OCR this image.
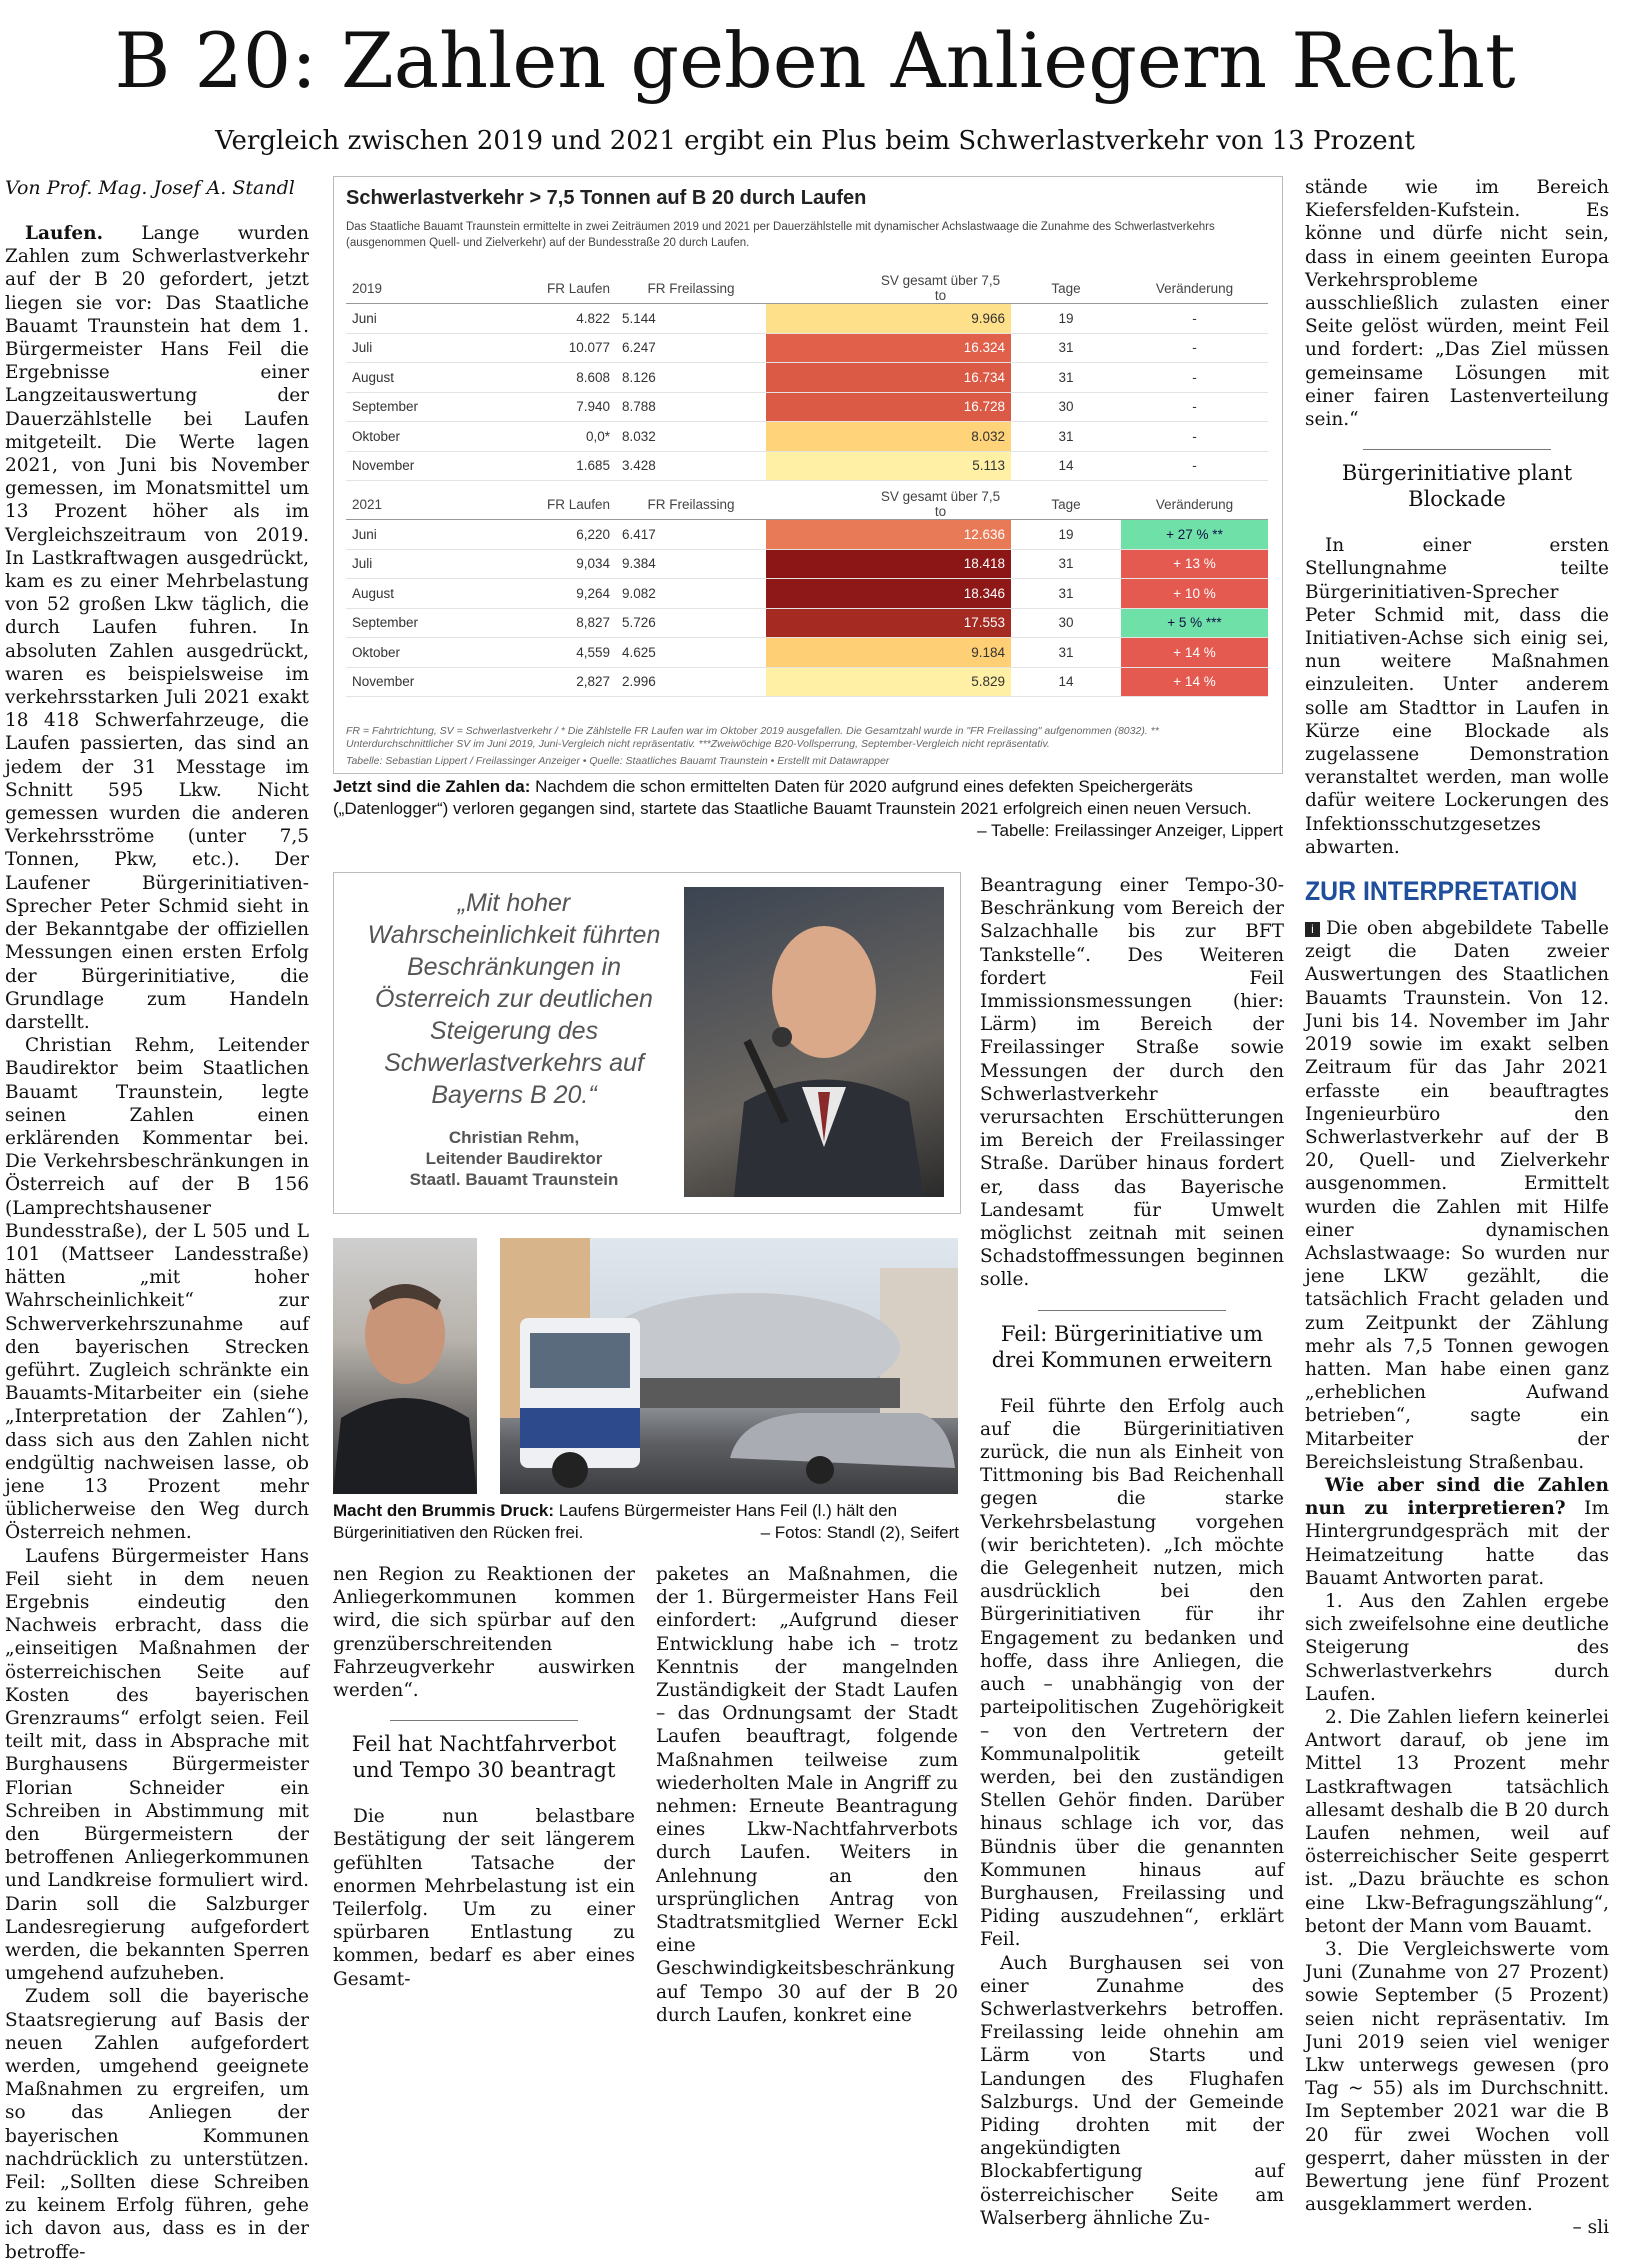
B 20: Zahlen geben Anliegern Recht

Vergleich zwischen 2019 und 2021 ergibt ein Plus beim Schwerlastverkehr von 13 Prozent

Von Prof. Mag. Josef A. Standl

Laufen. Lange wurden Zahlen zum Schwerlastverkehr auf der B 20 gefordert, jetzt liegen sie vor: Das Staatliche Bauamt Traunstein hat dem 1. Bürgermeister Hans Feil die Ergebnisse einer Langzeitauswertung der Dauerzählstelle bei Laufen mitgeteilt. Die Werte lagen 2021, von Juni bis November gemessen, im Monatsmittel um 13 Prozent höher als im Vergleichszeitraum von 2019. In Lastkraftwagen ausgedrückt, kam es zu einer Mehrbelastung von 52 großen Lkw täglich, die durch Laufen fuhren. In absoluten Zahlen ausgedrückt, waren es beispielsweise im verkehrsstarken Juli 2021 exakt 18 418 Schwerfahrzeuge, die Laufen passierten, das sind an jedem der 31 Messtage im Schnitt 595 Lkw. Nicht gemessen wurden die anderen Verkehrsströme (unter 7,5 Tonnen, Pkw, etc.). Der Laufener Bürgerinitiativen-Sprecher Peter Schmid sieht in der Bekanntgabe der offiziellen Messungen einen ersten Erfolg der Bürgerinitiative, die Grundlage zum Handeln darstellt.

Christian Rehm, Leitender Baudirektor beim Staatlichen Bauamt Traunstein, legte seinen Zahlen einen erklärenden Kommentar bei. Die Verkehrsbeschränkungen in Österreich auf der B 156 (Lamprechtshausener Bundesstraße), der L 505 und L 101 (Mattseer Landesstraße) hätten „mit hoher Wahrscheinlichkeit“ zur Schwerverkehrszunahme auf den bayerischen Strecken geführt. Zugleich schränkte ein Bauamts-Mitarbeiter ein (siehe „Interpretation der Zahlen“), dass sich aus den Zahlen nicht endgültig nachweisen lasse, ob jene 13 Prozent mehr üblicherweise den Weg durch Österreich nehmen.

Laufens Bürgermeister Hans Feil sieht in dem neuen Ergebnis eindeutig den Nachweis erbracht, dass die „einseitigen Maßnahmen der österreichischen Seite auf Kosten des bayerischen Grenzraums“ erfolgt seien. Feil teilt mit, dass in Absprache mit Burghausens Bürgermeister Florian Schneider ein Schreiben in Abstimmung mit den Bürgermeistern der betroffenen Anliegerkommunen und Landkreise formuliert wird. Darin soll die Salzburger Landesregierung aufgefordert werden, die bekannten Sperren umgehend aufzuheben.

Zudem soll die bayerische Staatsregierung auf Basis der neuen Zahlen aufgefordert werden, umgehend geeignete Maßnahmen zu ergreifen, um so das Anliegen der bayerischen Kommunen nachdrücklich zu unterstützen. Feil: „Sollten diese Schreiben zu keinem Erfolg führen, gehe ich davon aus, dass es in der betroffe-

Schwerlastverkehr > 7,5 Tonnen auf B 20 durch Laufen
Das Staatliche Bauamt Traunstein ermittelte in zwei Zeiträumen 2019 und 2021 per Dauerzählstelle mit dynamischer Achslastwaage die Zunahme des Schwerlastverkehrs (ausgenommen Quell- und Zielverkehr) auf der Bundesstraße 20 durch Laufen.
2019	FR Laufen	FR Freilassing	SV gesamt über 7,5 to	Tage	Veränderung
Juni	4.822	5.144	9.966	19	-
Juli	10.077	6.247	16.324	31	-
August	8.608	8.126	16.734	31	-
September	7.940	8.788	16.728	30	-
Oktober	0,0*	8.032	8.032	31	-
November	1.685	3.428	5.113	14	-
2021	FR Laufen	FR Freilassing	SV gesamt über 7,5 to	Tage	Veränderung
Juni	6,220	6.417	12.636	19	+ 27 % **
Juli	9,034	9.384	18.418	31	+ 13 %
August	9,264	9.082	18.346	31	+ 10 %
September	8,827	5.726	17.553	30	+ 5 % ***
Oktober	4,559	4.625	9.184	31	+ 14 %
November	2,827	2.996	5.829	14	+ 14 %
FR = Fahrtrichtung, SV = Schwerlastverkehr / * Die Zählstelle FR Laufen war im Oktober 2019 ausgefallen. Die Gesamtzahl wurde in "FR Freilassing" aufgenommen (8032). ** Unterdurchschnittlicher SV im Juni 2019, Juni-Vergleich nicht repräsentativ. ***Zweiwöchige B20-Vollsperrung, September-Vergleich nicht repräsentativ.
Tabelle: Sebastian Lippert / Freilassinger Anzeiger • Quelle: Staatliches Bauamt Traunstein • Erstellt mit Datawrapper
Jetzt sind die Zahlen da: Nachdem die schon ermittelten Daten für 2020 aufgrund eines defekten Speichergeräts („Datenlogger“) verloren gegangen sind, startete das Staatliche Bauamt Traunstein 2021 erfolgreich einen neuen Versuch.
– Tabelle: Freilassinger Anzeiger, Lippert
„Mit hoher Wahrscheinlichkeit führten Beschränkungen in Österreich zur deutlichen Steigerung des Schwerlastverkehrs auf Bayerns B 20.“
Christian Rehm,
Leitender Baudirektor
Staatl. Bauamt Traunstein
Macht den Brummis Druck: Laufens Bürgermeister Hans Feil (l.) hält den Bürgerinitiativen den Rücken frei.	– Fotos: Standl (2), Seifert

nen Region zu Reaktionen der Anliegerkommunen kommen wird, die sich spürbar auf den grenzüberschreitenden Fahrzeugverkehr auswirken werden“.

Feil hat Nachtfahrverbot und Tempo 30 beantragt

Die nun belastbare Bestätigung der seit längerem gefühlten Tatsache der enormen Mehrbelastung ist ein Teilerfolg. Um zu einer spürbaren Entlastung zu kommen, bedarf es aber eines Gesamt-

paketes an Maßnahmen, die der 1. Bürgermeister Hans Feil einfordert: „Aufgrund dieser Entwicklung habe ich – trotz Kenntnis der mangelnden Zuständigkeit der Stadt Laufen – das Ordnungsamt der Stadt Laufen beauftragt, folgende Maßnahmen teilweise zum wiederholten Male in Angriff zu nehmen: Erneute Beantragung eines Lkw-Nachtfahrverbots durch Laufen. Weiters in Anlehnung an den ursprünglichen Antrag von Stadtratsmitglied Werner Eckl eine Geschwindigkeitsbeschränkung auf Tempo 30 auf der B 20 durch Laufen, konkret eine

Beantragung einer Tempo-30-Beschränkung vom Bereich der Salzachhalle bis zur BFT Tankstelle“. Des Weiteren fordert Feil Immissionsmessungen (hier: Lärm) im Bereich der Freilassinger Straße sowie Messungen der durch den Schwerlastverkehr verursachten Erschütterungen im Bereich der Freilassinger Straße. Darüber hinaus fordert er, dass das Bayerische Landesamt für Umwelt möglichst zeitnah mit seinen Schadstoffmessungen beginnen solle.

Feil: Bürgerinitiative um drei Kommunen erweitern

Feil führte den Erfolg auch auf die Bürgerinitiativen zurück, die nun als Einheit von Tittmoning bis Bad Reichenhall gegen die starke Verkehrsbelastung vorgehen (wir berichteten). „Ich möchte die Gelegenheit nutzen, mich ausdrücklich bei den Bürgerinitiativen für ihr Engagement zu bedanken und hoffe, dass ihre Anliegen, die auch – unabhängig von der parteipolitischen Zugehörigkeit – von den Vertretern der Kommunalpolitik geteilt werden, bei den zuständigen Stellen Gehör finden. Darüber hinaus schlage ich vor, das Bündnis über die genannten Kommunen hinaus auf Burghausen, Freilassing und Piding auszudehnen“, erklärt Feil.

Auch Burghausen sei von einer Zunahme des Schwerlastverkehrs betroffen. Freilassing leide ohnehin am Lärm von Starts und Landungen des Flughafen Salzburgs. Und der Gemeinde Piding drohten mit der angekündigten Blockabfertigung auf österreichischer Seite am Walserberg ähnliche Zu-

stände wie im Bereich Kiefersfelden-Kufstein. Es könne und dürfe nicht sein, dass in einem geeinten Europa Verkehrsprobleme ausschließlich zulasten einer Seite gelöst würden, meint Feil und fordert: „Das Ziel müssen gemeinsame Lösungen mit einer fairen Lastenverteilung sein.“

Bürgerinitiative plant Blockade

In einer ersten Stellungnahme teilte Bürgerinitiativen-Sprecher Peter Schmid mit, dass die Initiativen-Achse sich einig sei, nun weitere Maßnahmen einzuleiten. Unter anderem solle am Stadttor in Laufen in Kürze eine Blockade als zugelassene Demonstration veranstaltet werden, man wolle dafür weitere Lockerungen des Infektionsschutzgesetzes abwarten.

ZUR INTERPRETATION

i Die oben abgebildete Tabelle zeigt die Daten zweier Auswertungen des Staatlichen Bauamts Traunstein. Von 12. Juni bis 14. November im Jahr 2019 sowie im exakt selben Zeitraum für das Jahr 2021 erfasste ein beauftragtes Ingenieurbüro den Schwerlastverkehr auf der B 20, Quell- und Zielverkehr ausgenommen. Ermittelt wurden die Zahlen mit Hilfe einer dynamischen Achslastwaage: So wurden nur jene LKW gezählt, die tatsächlich Fracht geladen und zum Zeitpunkt der Zählung mehr als 7,5 Tonnen gewogen hatten. Man habe einen ganz „erheblichen Aufwand betrieben“, sagte ein Mitarbeiter der Bereichsleistung Straßenbau.

Wie aber sind die Zahlen nun zu interpretieren? Im Hintergrundgespräch mit der Heimatzeitung hatte das Bauamt Antworten parat.

1. Aus den Zahlen ergebe sich zweifelsohne eine deutliche Steigerung des Schwerlastverkehrs durch Laufen.

2. Die Zahlen liefern keinerlei Antwort darauf, ob jene im Mittel 13 Prozent mehr Lastkraftwagen tatsächlich allesamt deshalb die B 20 durch Laufen nehmen, weil auf österreichischer Seite gesperrt ist. „Dazu bräuchte es schon eine Lkw-Befragungszählung“, betont der Mann vom Bauamt.

3. Die Vergleichswerte vom Juni (Zunahme von 27 Prozent) sowie September (5 Prozent) seien nicht repräsentativ. Im Juni 2019 seien viel weniger Lkw unterwegs gewesen (pro Tag ~ 55) als im Durchschnitt. Im September 2021 war die B 20 für zwei Wochen voll gesperrt, daher müssten in der Bewertung jene fünf Prozent ausgeklammert werden.

– sli
